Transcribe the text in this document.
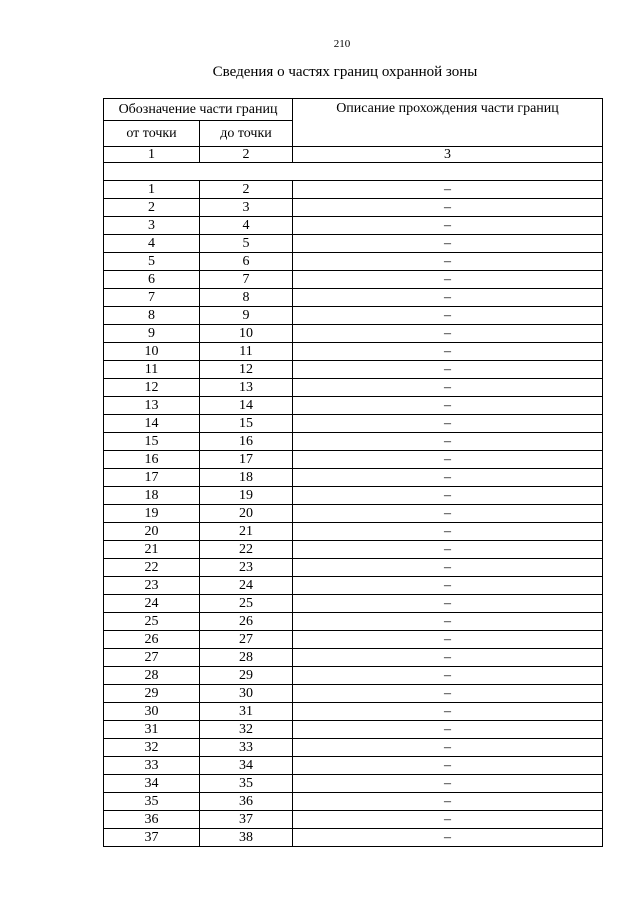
210
Сведения о частях границ охранной зоны
Обозначение части границ		Описание прохождения части границ
от точки	до точки	
1	2	3

1	2	–
2	3	–
3	4	–
4	5	–
5	6	–
6	7	–
7	8	–
8	9	–
9	10	–
10	11	–
11	12	–
12	13	–
13	14	–
14	15	–
15	16	–
16	17	–
17	18	–
18	19	–
19	20	–
20	21	–
21	22	–
22	23	–
23	24	–
24	25	–
25	26	–
26	27	–
27	28	–
28	29	–
29	30	–
30	31	–
31	32	–
32	33	–
33	34	–
34	35	–
35	36	–
36	37	–
37	38	–
